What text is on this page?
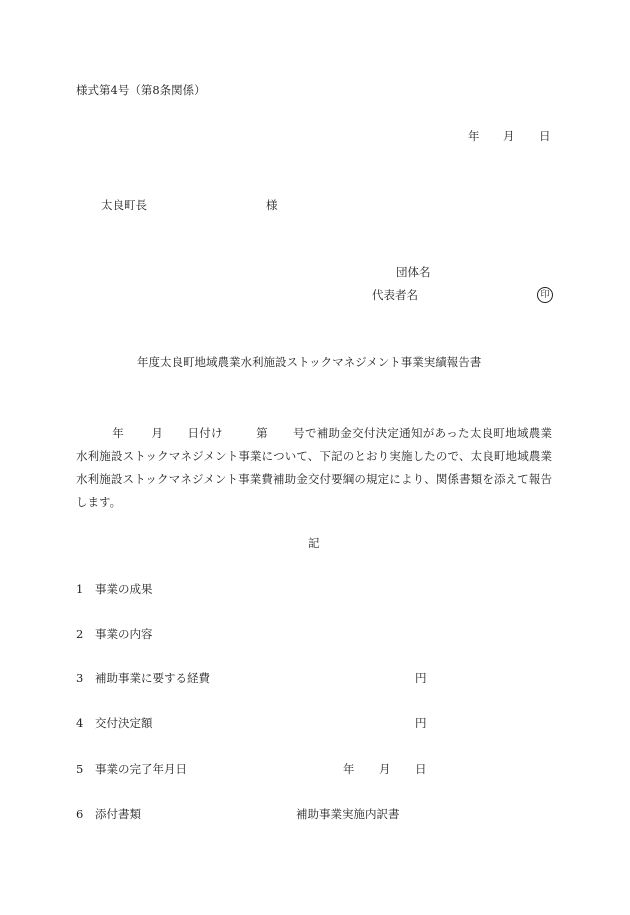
様式第4号（第8条関係）
年 月 日
太良町長	様
団体名
代表者名	印
年度太良町地域農業水利施設ストックマネジメント事業実績報告書
年 月 日付け	第 号で補助金交付決定通知があった太良町地域農業水利施設ストックマネジメント事業について、下記のとおり実施したので、太良町地域農業水利施設ストックマネジメント事業費補助金交付要綱の規定により、関係書類を添えて報告します。
記
1 事業の成果
2 事業の内容
3 補助事業に要する経費	円
4 交付決定額	円
5 事業の完了年月日	年 月 日
6 添付書類	補助事業実施内訳書
